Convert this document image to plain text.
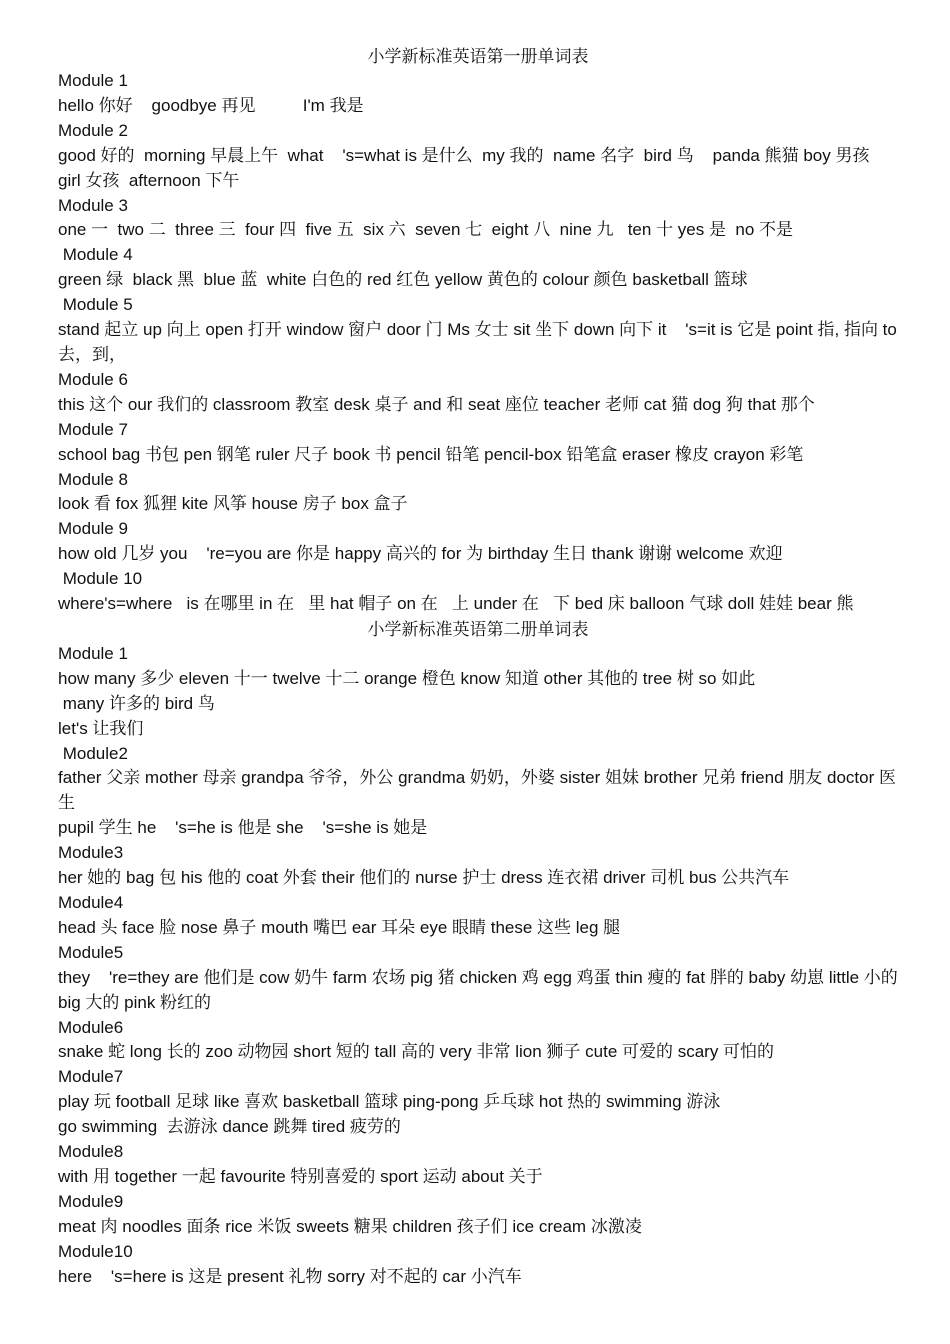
小学新标准英语第一册单词表
Module 1
hello 你好    goodbye 再见          I'm 我是
Module 2
good 好的  morning 早晨上午  what    's=what is 是什么  my 我的  name 名字  bird 鸟    panda 熊猫 boy 男孩  girl 女孩  afternoon 下午
Module 3
one 一  two 二  three 三  four 四  five 五  six 六  seven 七  eight 八  nine 九   ten 十 yes 是  no 不是
Module 4
green 绿  black 黑  blue 蓝  white 白色的 red 红色 yellow 黄色的 colour 颜色 basketball 篮球
Module 5
stand 起立 up 向上 open 打开 window 窗户 door 门 Ms 女士 sit 坐下 down 向下 it    's=it is 它是 point 指, 指向 to 去，到，
Module 6
this 这个 our 我们的 classroom 教室 desk 桌子 and 和 seat 座位 teacher 老师 cat 猫 dog 狗 that 那个
Module 7
school bag 书包 pen 钢笔 ruler 尺子 book 书 pencil 铅笔 pencil-box 铅笔盒 eraser 橡皮 crayon 彩笔
Module 8
look 看 fox 狐狸 kite 风筝 house 房子 box 盒子
Module 9
how old 几岁 you    're=you are 你是 happy 高兴的 for 为 birthday 生日 thank 谢谢 welcome 欢迎
Module 10
where's=where   is 在哪里 in 在   里 hat 帽子 on 在   上 under 在   下 bed 床 balloon 气球 doll 娃娃 bear 熊
小学新标准英语第二册单词表
Module 1
how many 多少 eleven 十一 twelve 十二 orange 橙色 know 知道 other 其他的 tree 树 so 如此
many 许多的 bird 鸟
let's 让我们
Module2
father 父亲 mother 母亲 grandpa 爷爷，外公 grandma 奶奶，外婆 sister 姐妹 brother 兄弟 friend 朋友 doctor 医生
pupil 学生 he    's=he is 他是 she    's=she is 她是
Module3
her 她的 bag 包 his 他的 coat 外套 their 他们的 nurse 护士 dress 连衣裙 driver 司机 bus 公共汽车
Module4
head 头 face 脸 nose 鼻子 mouth 嘴巴 ear 耳朵 eye 眼睛 these 这些 leg 腿
Module5
they    're=they are 他们是 cow 奶牛 farm 农场 pig 猪 chicken 鸡 egg 鸡蛋 thin 瘦的 fat 胖的 baby 幼崽 little 小的 big 大的 pink 粉红的
Module6
snake 蛇 long 长的 zoo 动物园 short 短的 tall 高的 very 非常 lion 狮子 cute 可爱的 scary 可怕的
Module7
play 玩 football 足球 like 喜欢 basketball 篮球 ping-pong 乒乓球 hot 热的 swimming 游泳
go swimming  去游泳 dance 跳舞 tired 疲劳的
Module8
with 用 together 一起 favourite 特别喜爱的 sport 运动 about 关于
Module9
meat 肉 noodles 面条 rice 米饭 sweets 糖果 children 孩子们 ice cream 冰激凌
Module10
here    's=here is 这是 present 礼物 sorry 对不起的 car 小汽车
